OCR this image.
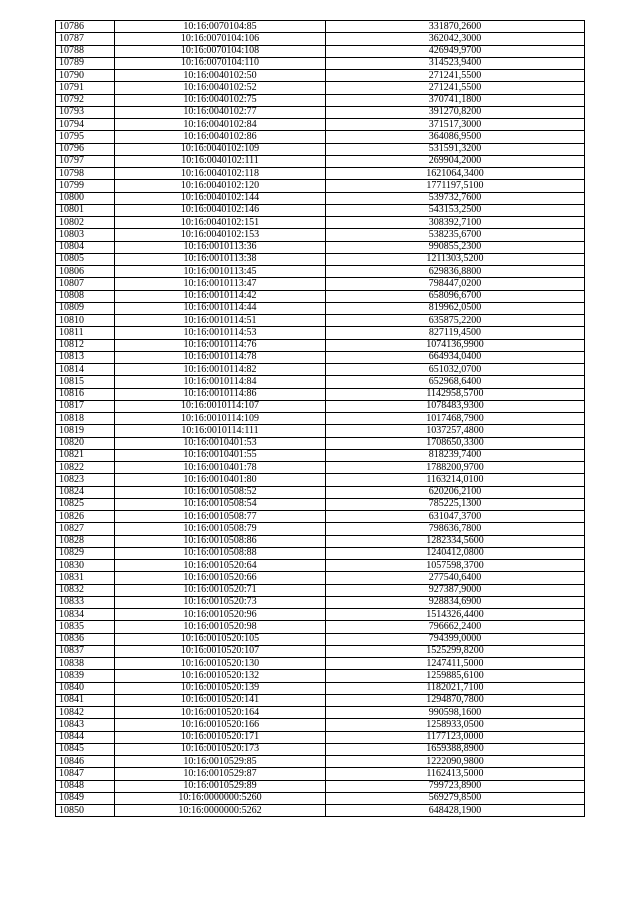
10786	10:16:0070104:85	331870,2600
10787	10:16:0070104:106	362042,3000
10788	10:16:0070104:108	426949,9700
10789	10:16:0070104:110	314523,9400
10790	10:16:0040102:50	271241,5500
10791	10:16:0040102:52	271241,5500
10792	10:16:0040102:75	370741,1800
10793	10:16:0040102:77	391270,8200
10794	10:16:0040102:84	371517,3000
10795	10:16:0040102:86	364086,9500
10796	10:16:0040102:109	531591,3200
10797	10:16:0040102:111	269904,2000
10798	10:16:0040102:118	1621064,3400
10799	10:16:0040102:120	1771197,5100
10800	10:16:0040102:144	539732,7600
10801	10:16:0040102:146	543153,2500
10802	10:16:0040102:151	308392,7100
10803	10:16:0040102:153	538235,6700
10804	10:16:0010113:36	990855,2300
10805	10:16:0010113:38	1211303,5200
10806	10:16:0010113:45	629836,8800
10807	10:16:0010113:47	798447,0200
10808	10:16:0010114:42	658096,6700
10809	10:16:0010114:44	819962,0500
10810	10:16:0010114:51	635875,2200
10811	10:16:0010114:53	827119,4500
10812	10:16:0010114:76	1074136,9900
10813	10:16:0010114:78	664934,0400
10814	10:16:0010114:82	651032,0700
10815	10:16:0010114:84	652968,6400
10816	10:16:0010114:86	1142958,5700
10817	10:16:0010114:107	1078483,9300
10818	10:16:0010114:109	1017468,7900
10819	10:16:0010114:111	1037257,4800
10820	10:16:0010401:53	1708650,3300
10821	10:16:0010401:55	818239,7400
10822	10:16:0010401:78	1788200,9700
10823	10:16:0010401:80	1163214,0100
10824	10:16:0010508:52	620206,2100
10825	10:16:0010508:54	785225,1300
10826	10:16:0010508:77	631047,3700
10827	10:16:0010508:79	798636,7800
10828	10:16:0010508:86	1282334,5600
10829	10:16:0010508:88	1240412,0800
10830	10:16:0010520:64	1057598,3700
10831	10:16:0010520:66	277540,6400
10832	10:16:0010520:71	927387,9000
10833	10:16:0010520:73	928834,6900
10834	10:16:0010520:96	1514326,4400
10835	10:16:0010520:98	796662,2400
10836	10:16:0010520:105	794399,0000
10837	10:16:0010520:107	1525299,8200
10838	10:16:0010520:130	1247411,5000
10839	10:16:0010520:132	1259885,6100
10840	10:16:0010520:139	1182021,7100
10841	10:16:0010520:141	1294870,7800
10842	10:16:0010520:164	990598,1600
10843	10:16:0010520:166	1258933,0500
10844	10:16:0010520:171	1177123,0000
10845	10:16:0010520:173	1659388,8900
10846	10:16:0010529:85	1222090,9800
10847	10:16:0010529:87	1162413,5000
10848	10:16:0010529:89	799723,8900
10849	10:16:0000000:5260	569279,8500
10850	10:16:0000000:5262	648428,1900
